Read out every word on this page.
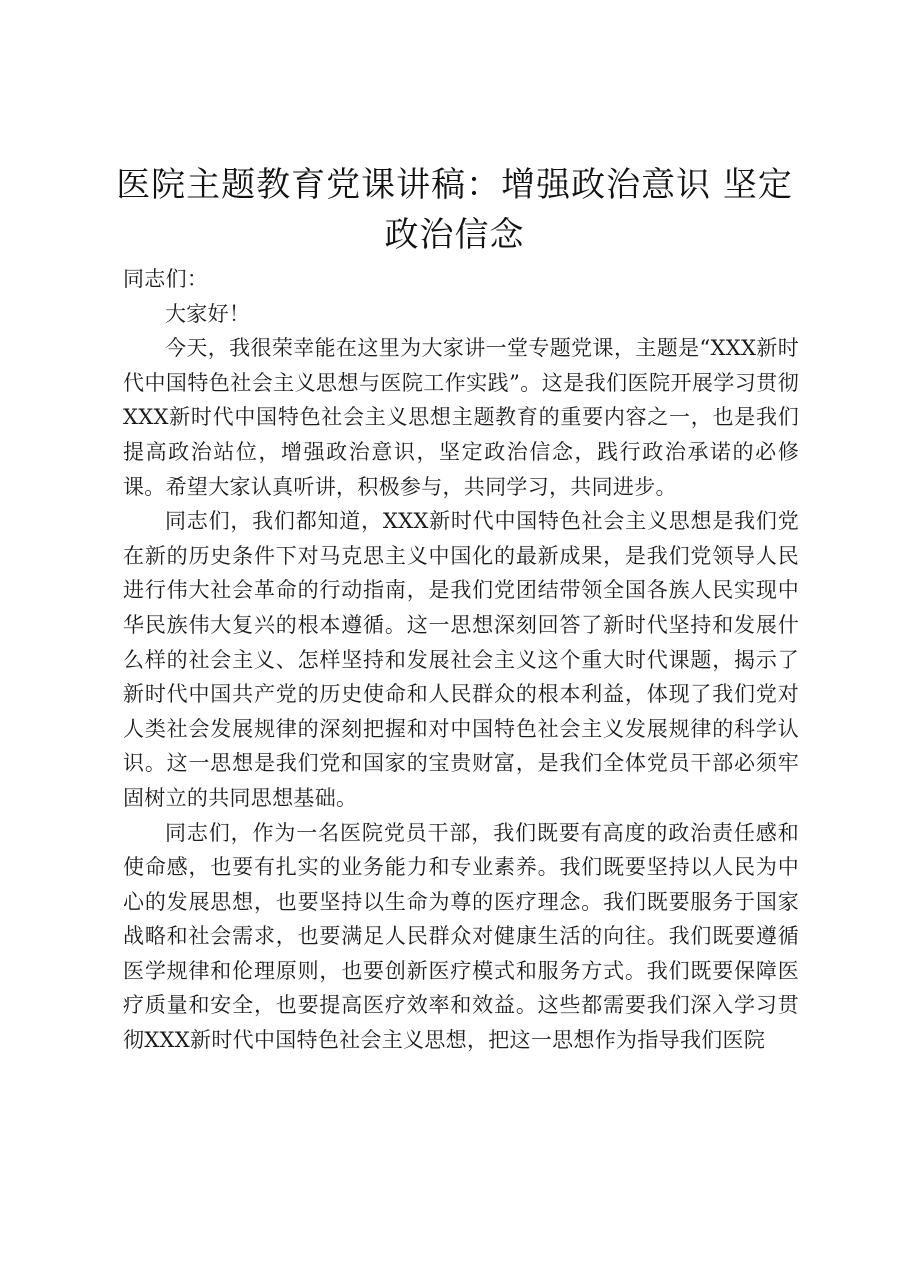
医院主题教育党课讲稿：增强政治意识 坚定政治信念

同志们：

大家好！

今天，我很荣幸能在这里为大家讲一堂专题党课，主题是“XXX新时代中国特色社会主义思想与医院工作实践”。这是我们医院开展学习贯彻XXX新时代中国特色社会主义思想主题教育的重要内容之一，也是我们提高政治站位，增强政治意识，坚定政治信念，践行政治承诺的必修课。希望大家认真听讲，积极参与，共同学习，共同进步。

同志们，我们都知道，XXX新时代中国特色社会主义思想是我们党在新的历史条件下对马克思主义中国化的最新成果，是我们党领导人民进行伟大社会革命的行动指南，是我们党团结带领全国各族人民实现中华民族伟大复兴的根本遵循。这一思想深刻回答了新时代坚持和发展什么样的社会主义、怎样坚持和发展社会主义这个重大时代课题，揭示了新时代中国共产党的历史使命和人民群众的根本利益，体现了我们党对人类社会发展规律的深刻把握和对中国特色社会主义发展规律的科学认识。这一思想是我们党和国家的宝贵财富，是我们全体党员干部必须牢固树立的共同思想基础。

同志们，作为一名医院党员干部，我们既要有高度的政治责任感和使命感，也要有扎实的业务能力和专业素养。我们既要坚持以人民为中心的发展思想，也要坚持以生命为尊的医疗理念。我们既要服务于国家战略和社会需求，也要满足人民群众对健康生活的向往。我们既要遵循医学规律和伦理原则，也要创新医疗模式和服务方式。我们既要保障医疗质量和安全，也要提高医疗效率和效益。这些都需要我们深入学习贯彻XXX新时代中国特色社会主义思想，把这一思想作为指导我们医院
